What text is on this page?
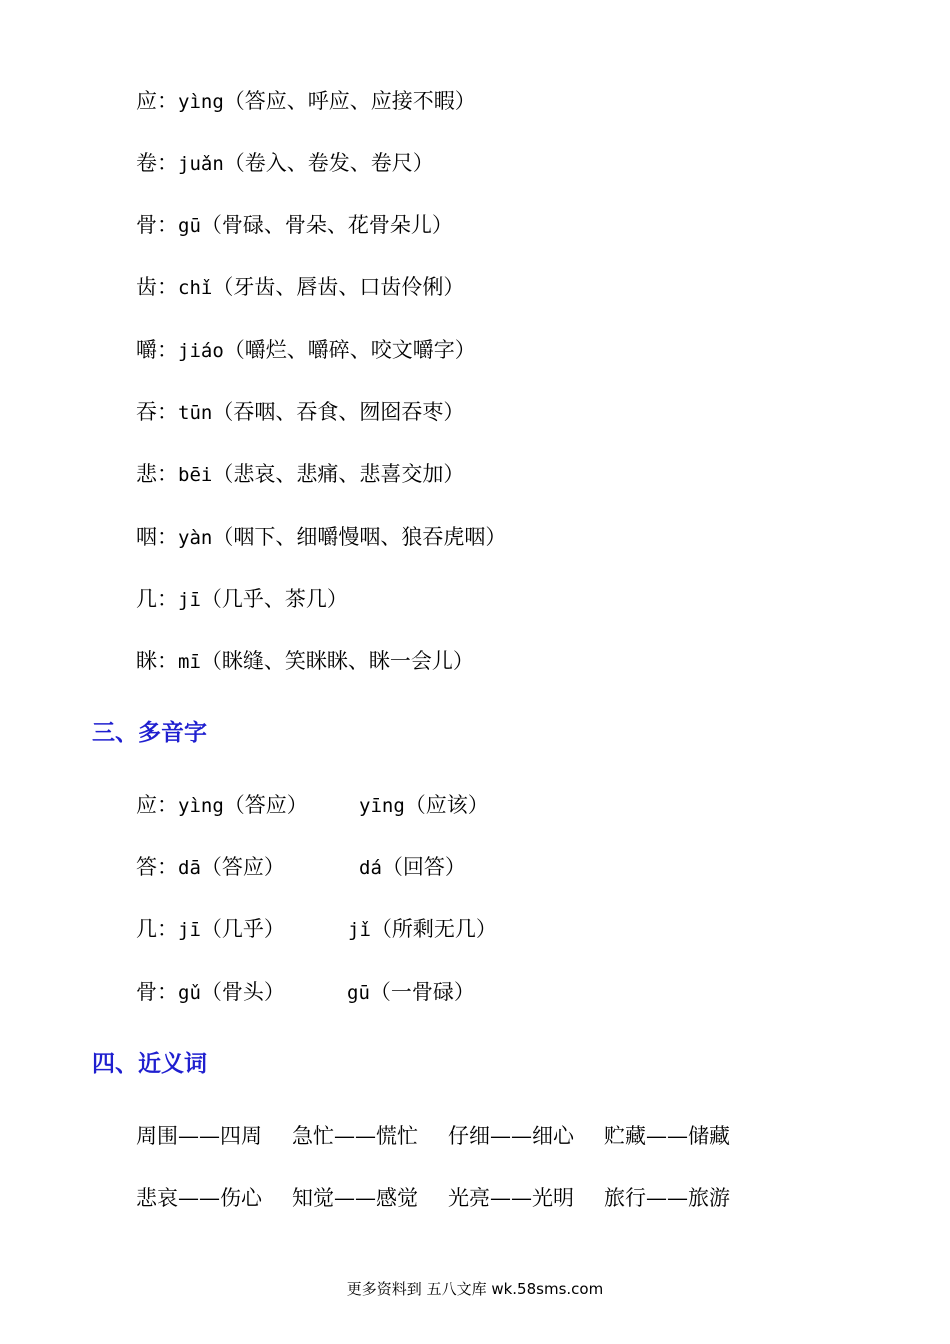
应：yìng（答应、呼应、应接不暇）
卷：juǎn（卷入、卷发、卷尺）
骨：gū（骨碌、骨朵、花骨朵儿）
齿：chǐ（牙齿、唇齿、口齿伶俐）
嚼：jiáo（嚼烂、嚼碎、咬文嚼字）
吞：tūn（吞咽、吞食、囫囵吞枣）
悲：bēi（悲哀、悲痛、悲喜交加）
咽：yàn（咽下、细嚼慢咽、狼吞虎咽）
几：jī（几乎、茶几）
眯：mī（眯缝、笑眯眯、眯一会儿）
三、多音字
应：yìng（答应）	yīng（应该）
答：dā（答应）	dá（回答）
几：jī（几乎）	jǐ（所剩无几）
骨：gǔ（骨头）	gū（一骨碌）
四、近义词
周围——四周 急忙——慌忙 仔细——细心 贮藏——储藏
悲哀——伤心 知觉——感觉 光亮——光明 旅行——旅游
更多资料到 五八文库 wk.58sms.com
